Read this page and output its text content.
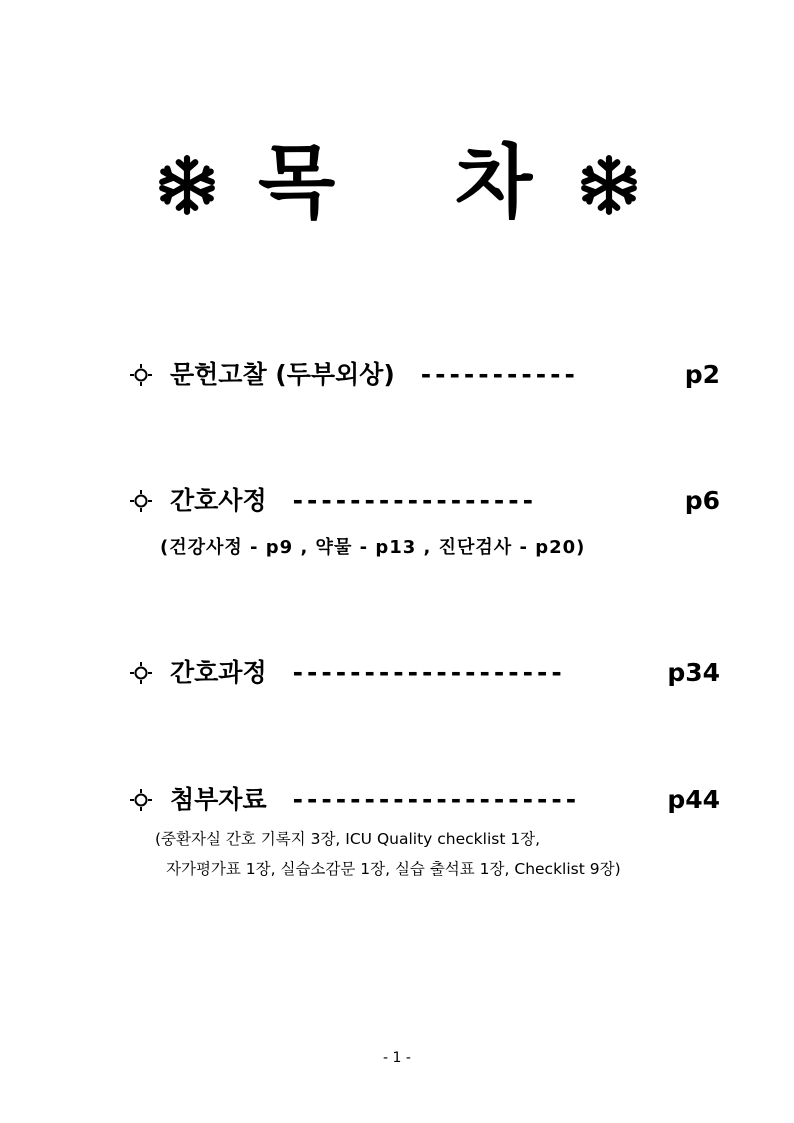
목 차
문헌고찰 (두부외상) -----------	p2
간호사정 -----------------	p6
(건강사정 - p9 , 약물 - p13 , 진단검사 - p20)
간호과정 -------------------	p34
첨부자료 --------------------	p44
(중환자실 간호 기록지 3장, ICU Quality checklist 1장,
자가평가표 1장, 실습소감문 1장, 실습 출석표 1장, Checklist 9장)
- 1 -
